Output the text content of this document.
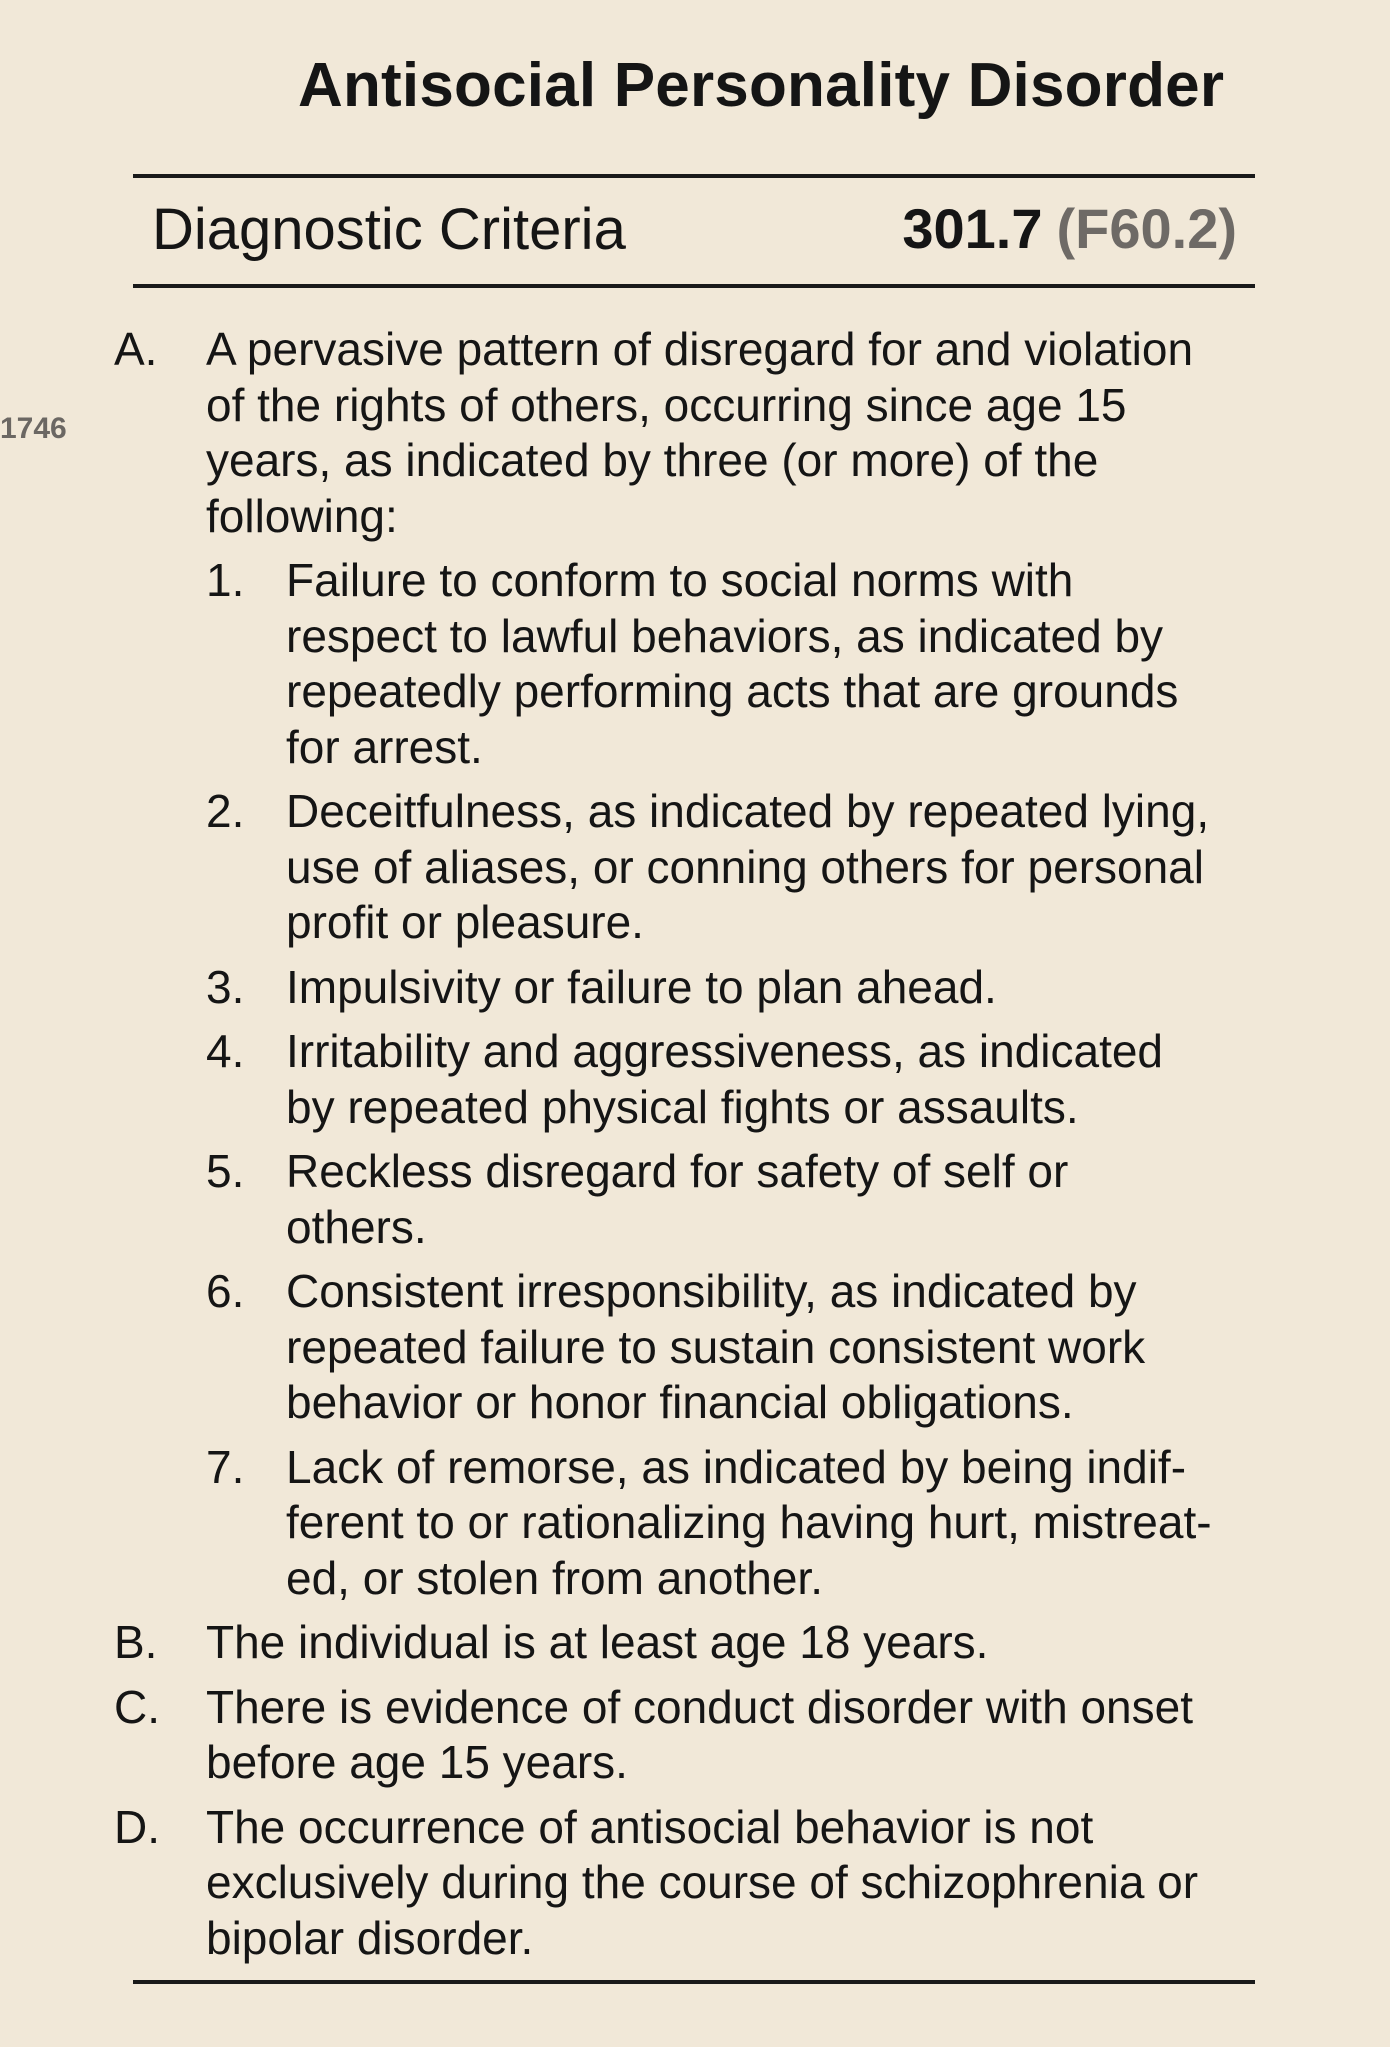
Antisocial Personality Disorder
Diagnostic Criteria	301.7 (F60.2)
1746
A.	A pervasive pattern of disregard for and violation
of the rights of others, occurring since age 15
years, as indicated by three (or more) of the
following:
1. Failure to conform to social norms with
respect to lawful behaviors, as indicated by
repeatedly performing acts that are grounds
for arrest.
2. Deceitfulness, as indicated by repeated lying,
use of aliases, or conning others for personal
profit or pleasure.
3. Impulsivity or failure to plan ahead.
4. Irritability and aggressiveness, as indicated
by repeated physical fights or assaults.
5. Reckless disregard for safety of self or
others.
6. Consistent irresponsibility, as indicated by
repeated failure to sustain consistent work
behavior or honor financial obligations.
7. Lack of remorse, as indicated by being indif-
ferent to or rationalizing having hurt, mistreat-
ed, or stolen from another.
B.	The individual is at least age 18 years.
C.	There is evidence of conduct disorder with onset
before age 15 years.
D.	The occurrence of antisocial behavior is not
exclusively during the course of schizophrenia or
bipolar disorder.
